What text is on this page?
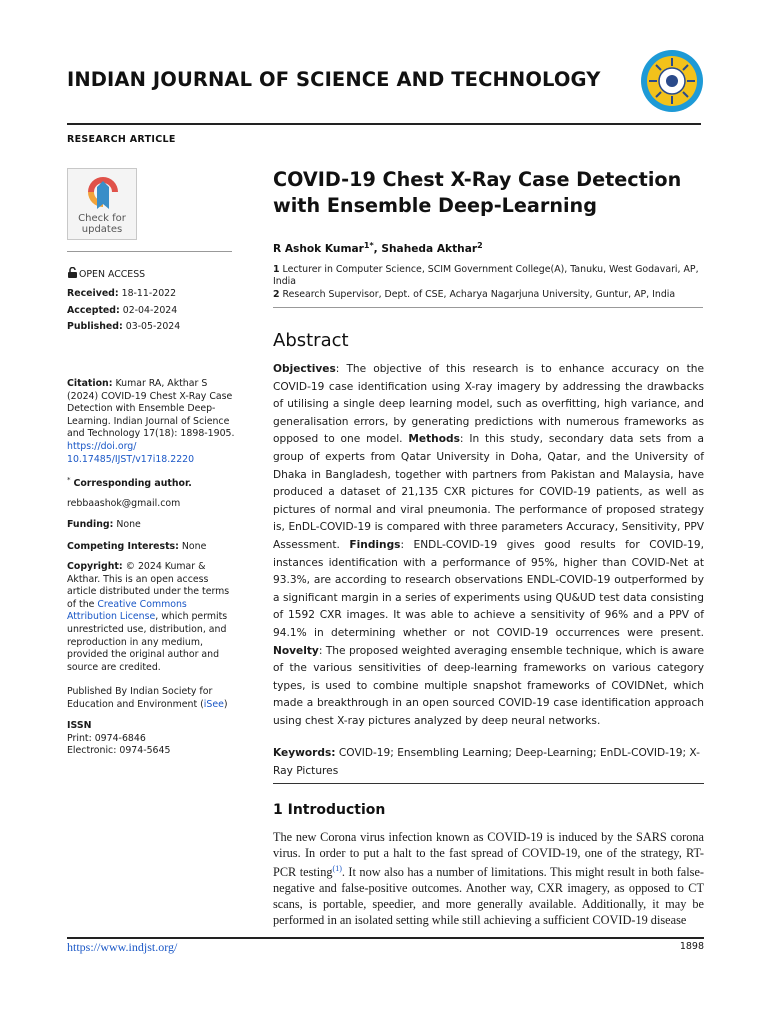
INDIAN JOURNAL OF SCIENCE AND TECHNOLOGY
RESEARCH ARTICLE
Check for
updates
OPEN ACCESS
Received: 18-11-2022
Accepted: 02-04-2024
Published: 03-05-2024
Citation: Kumar RA, Akthar S (2024) COVID-19 Chest X-Ray Case Detection with Ensemble Deep-Learning. Indian Journal of Science and Technology 17(18): 1898-1905. https://doi.org/ 10.17485/IJST/v17i18.2220
* Corresponding author.
rebbaashok@gmail.com
Funding: None
Competing Interests: None
Copyright: © 2024 Kumar & Akthar. This is an open access article distributed under the terms of the Creative Commons Attribution License, which permits unrestricted use, distribution, and reproduction in any medium, provided the original author and source are credited.
Published By Indian Society for Education and Environment (iSee)
ISSN
Print: 0974-6846
Electronic: 0974-5645
COVID-19 Chest X-Ray Case Detection with Ensemble Deep-Learning
R Ashok Kumar$^{1*}$, Shaheda Akthar$^2$
1 Lecturer in Computer Science, SCIM Government College(A), Tanuku, West Godavari, AP, India
2 Research Supervisor, Dept. of CSE, Acharya Nagarjuna University, Guntur, AP, India
Abstract
Objectives: The objective of this research is to enhance accuracy on the COVID-19 case identification using X-ray imagery by addressing the drawbacks of utilising a single deep learning model, such as overfitting, high variance, and generalisation errors, by generating predictions with numerous frameworks as opposed to one model. Methods: In this study, secondary data sets from a group of experts from Qatar University in Doha, Qatar, and the University of Dhaka in Bangladesh, together with partners from Pakistan and Malaysia, have produced a dataset of 21,135 CXR pictures for COVID-19 patients, as well as pictures of normal and viral pneumonia. The performance of proposed strategy is, EnDL-COVID-19 is compared with three parameters Accuracy, Sensitivity, PPV Assessment. Findings: ENDL-COVID-19 gives good results for COVID-19, instances identification with a performance of 95%, higher than COVID-Net at 93.3%, are according to research observations ENDL-COVID-19 outperformed by a significant margin in a series of experiments using QU&UD test data consisting of 1592 CXR images. It was able to achieve a sensitivity of 96% and a PPV of 94.1% in determining whether or not COVID-19 occurrences were present. Novelty: The proposed weighted averaging ensemble technique, which is aware of the various sensitivities of deep-learning frameworks on various category types, is used to combine multiple snapshot frameworks of COVIDNet, which made a breakthrough in an open sourced COVID-19 case identification approach using chest X-ray pictures analyzed by deep neural networks.
Keywords: COVID-19; Ensembling Learning; Deep-Learning; EnDL-COVID-19; X-Ray Pictures
1 Introduction
The new Corona virus infection known as COVID-19 is induced by the SARS corona virus. In order to put a halt to the fast spread of COVID-19, one of the strategy, RT-PCR testing$^{(1)}$. It now also has a number of limitations. This might result in both false-negative and false-positive outcomes. Another way, CXR imagery, as opposed to CT scans, is portable, speedier, and more generally available. Additionally, it may be performed in an isolated setting while still achieving a sufficient COVID-19 disease
https://www.indjst.org/	1898
